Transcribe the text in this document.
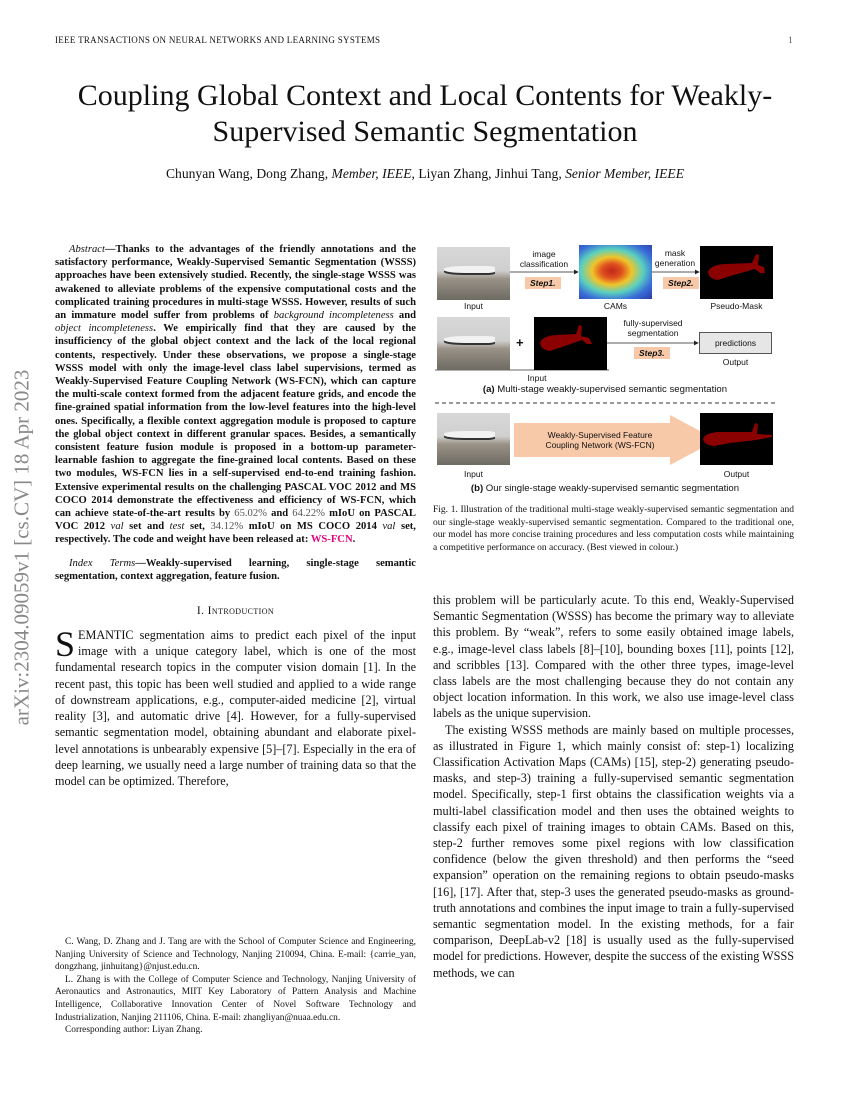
IEEE TRANSACTIONS ON NEURAL NETWORKS AND LEARNING SYSTEMS	1
arXiv:2304.09059v1 [cs.CV] 18 Apr 2023
Coupling Global Context and Local Contents for Weakly-Supervised Semantic Segmentation
Chunyan Wang, Dong Zhang, Member, IEEE, Liyan Zhang, Jinhui Tang, Senior Member, IEEE

Abstract—Thanks to the advantages of the friendly annotations and the satisfactory performance, Weakly-Supervised Semantic Segmentation (WSSS) approaches have been extensively studied. Recently, the single-stage WSSS was awakened to alleviate problems of the expensive computational costs and the complicated training procedures in multi-stage WSSS. However, results of such an immature model suffer from problems of background incompleteness and object incompleteness. We empirically find that they are caused by the insufficiency of the global object context and the lack of the local regional contents, respectively. Under these observations, we propose a single-stage WSSS model with only the image-level class label supervisions, termed as Weakly-Supervised Feature Coupling Network (WS-FCN), which can capture the multi-scale context formed from the adjacent feature grids, and encode the fine-grained spatial information from the low-level features into the high-level ones. Specifically, a flexible context aggregation module is proposed to capture the global object context in different granular spaces. Besides, a semantically consistent feature fusion module is proposed in a bottom-up parameter-learnable fashion to aggregate the fine-grained local contents. Based on these two modules, WS-FCN lies in a self-supervised end-to-end training fashion. Extensive experimental results on the challenging PASCAL VOC 2012 and MS COCO 2014 demonstrate the effectiveness and efficiency of WS-FCN, which can achieve state-of-the-art results by 65.02% and 64.22% mIoU on PASCAL VOC 2012 val set and test set, 34.12% mIoU on MS COCO 2014 val set, respectively. The code and weight have been released at: WS-FCN.

Index Terms—Weakly-supervised learning, single-stage semantic segmentation, context aggregation, feature fusion.

I. Introduction

SEMANTIC segmentation aims to predict each pixel of the input image with a unique category label, which is one of the most fundamental research topics in the computer vision domain [1]. In the recent past, this topic has been well studied and applied to a wide range of downstream applications, e.g., computer-aided medicine [2], virtual reality [3], and automatic drive [4]. However, for a fully-supervised semantic segmentation model, obtaining abundant and elaborate pixel-level annotations is unbearably expensive [5]–[7]. Especially in the era of deep learning, we usually need a large number of training data so that the model can be optimized. Therefore,

C. Wang, D. Zhang and J. Tang are with the School of Computer Science and Engineering, Nanjing University of Science and Technology, Nanjing 210094, China. E-mail: {carrie_yan, dongzhang, jinhuitang}@njust.edu.cn.

L. Zhang is with the College of Computer Science and Technology, Nanjing University of Aeronautics and Astronautics, MIIT Key Laboratory of Pattern Analysis and Machine Intelligence, Collaborative Innovation Center of Novel Software Technology and Industrialization, Nanjing 211106, China. E-mail: zhangliyan@nuaa.edu.cn.

Corresponding author: Liyan Zhang.

Input	CAMs	Pseudo-Mask
image classification
mask generation
Step1.	Step2.
+
Input
fully-supervised segmentation
Step3.
predictions
Output
(a) Multi-stage weakly-supervised semantic segmentation
Weakly-Supervised Feature Coupling Network (WS-FCN)
Input	Output
(b) Our single-stage weakly-supervised semantic segmentation
Fig. 1. Illustration of the traditional multi-stage weakly-supervised semantic segmentation and our single-stage weakly-supervised semantic segmentation. Compared to the traditional one, our model has more concise training procedures and less computation costs while maintaining a competitive performance on accuracy. (Best viewed in colour.)

this problem will be particularly acute. To this end, Weakly-Supervised Semantic Segmentation (WSSS) has become the primary way to alleviate this problem. By “weak”, refers to some easily obtained image labels, e.g., image-level class labels [8]–[10], bounding boxes [11], points [12], and scribbles [13]. Compared with the other three types, image-level class labels are the most challenging because they do not contain any object location information. In this work, we also use image-level class labels as the unique supervision.

The existing WSSS methods are mainly based on multiple processes, as illustrated in Figure 1, which mainly consist of: step-1) localizing Classification Activation Maps (CAMs) [15], step-2) generating pseudo-masks, and step-3) training a fully-supervised semantic segmentation model. Specifically, step-1 first obtains the classification weights via a multi-label classification model and then uses the obtained weights to classify each pixel of training images to obtain CAMs. Based on this, step-2 further removes some pixel regions with low classification confidence (below the given threshold) and then performs the “seed expansion” operation on the remaining regions to obtain pseudo-masks [16], [17]. After that, step-3 uses the generated pseudo-masks as ground-truth annotations and combines the input image to train a fully-supervised semantic segmentation model. In the existing methods, for a fair comparison, DeepLab-v2 [18] is usually used as the fully-supervised model for predictions. However, despite the success of the existing WSSS methods, we can
